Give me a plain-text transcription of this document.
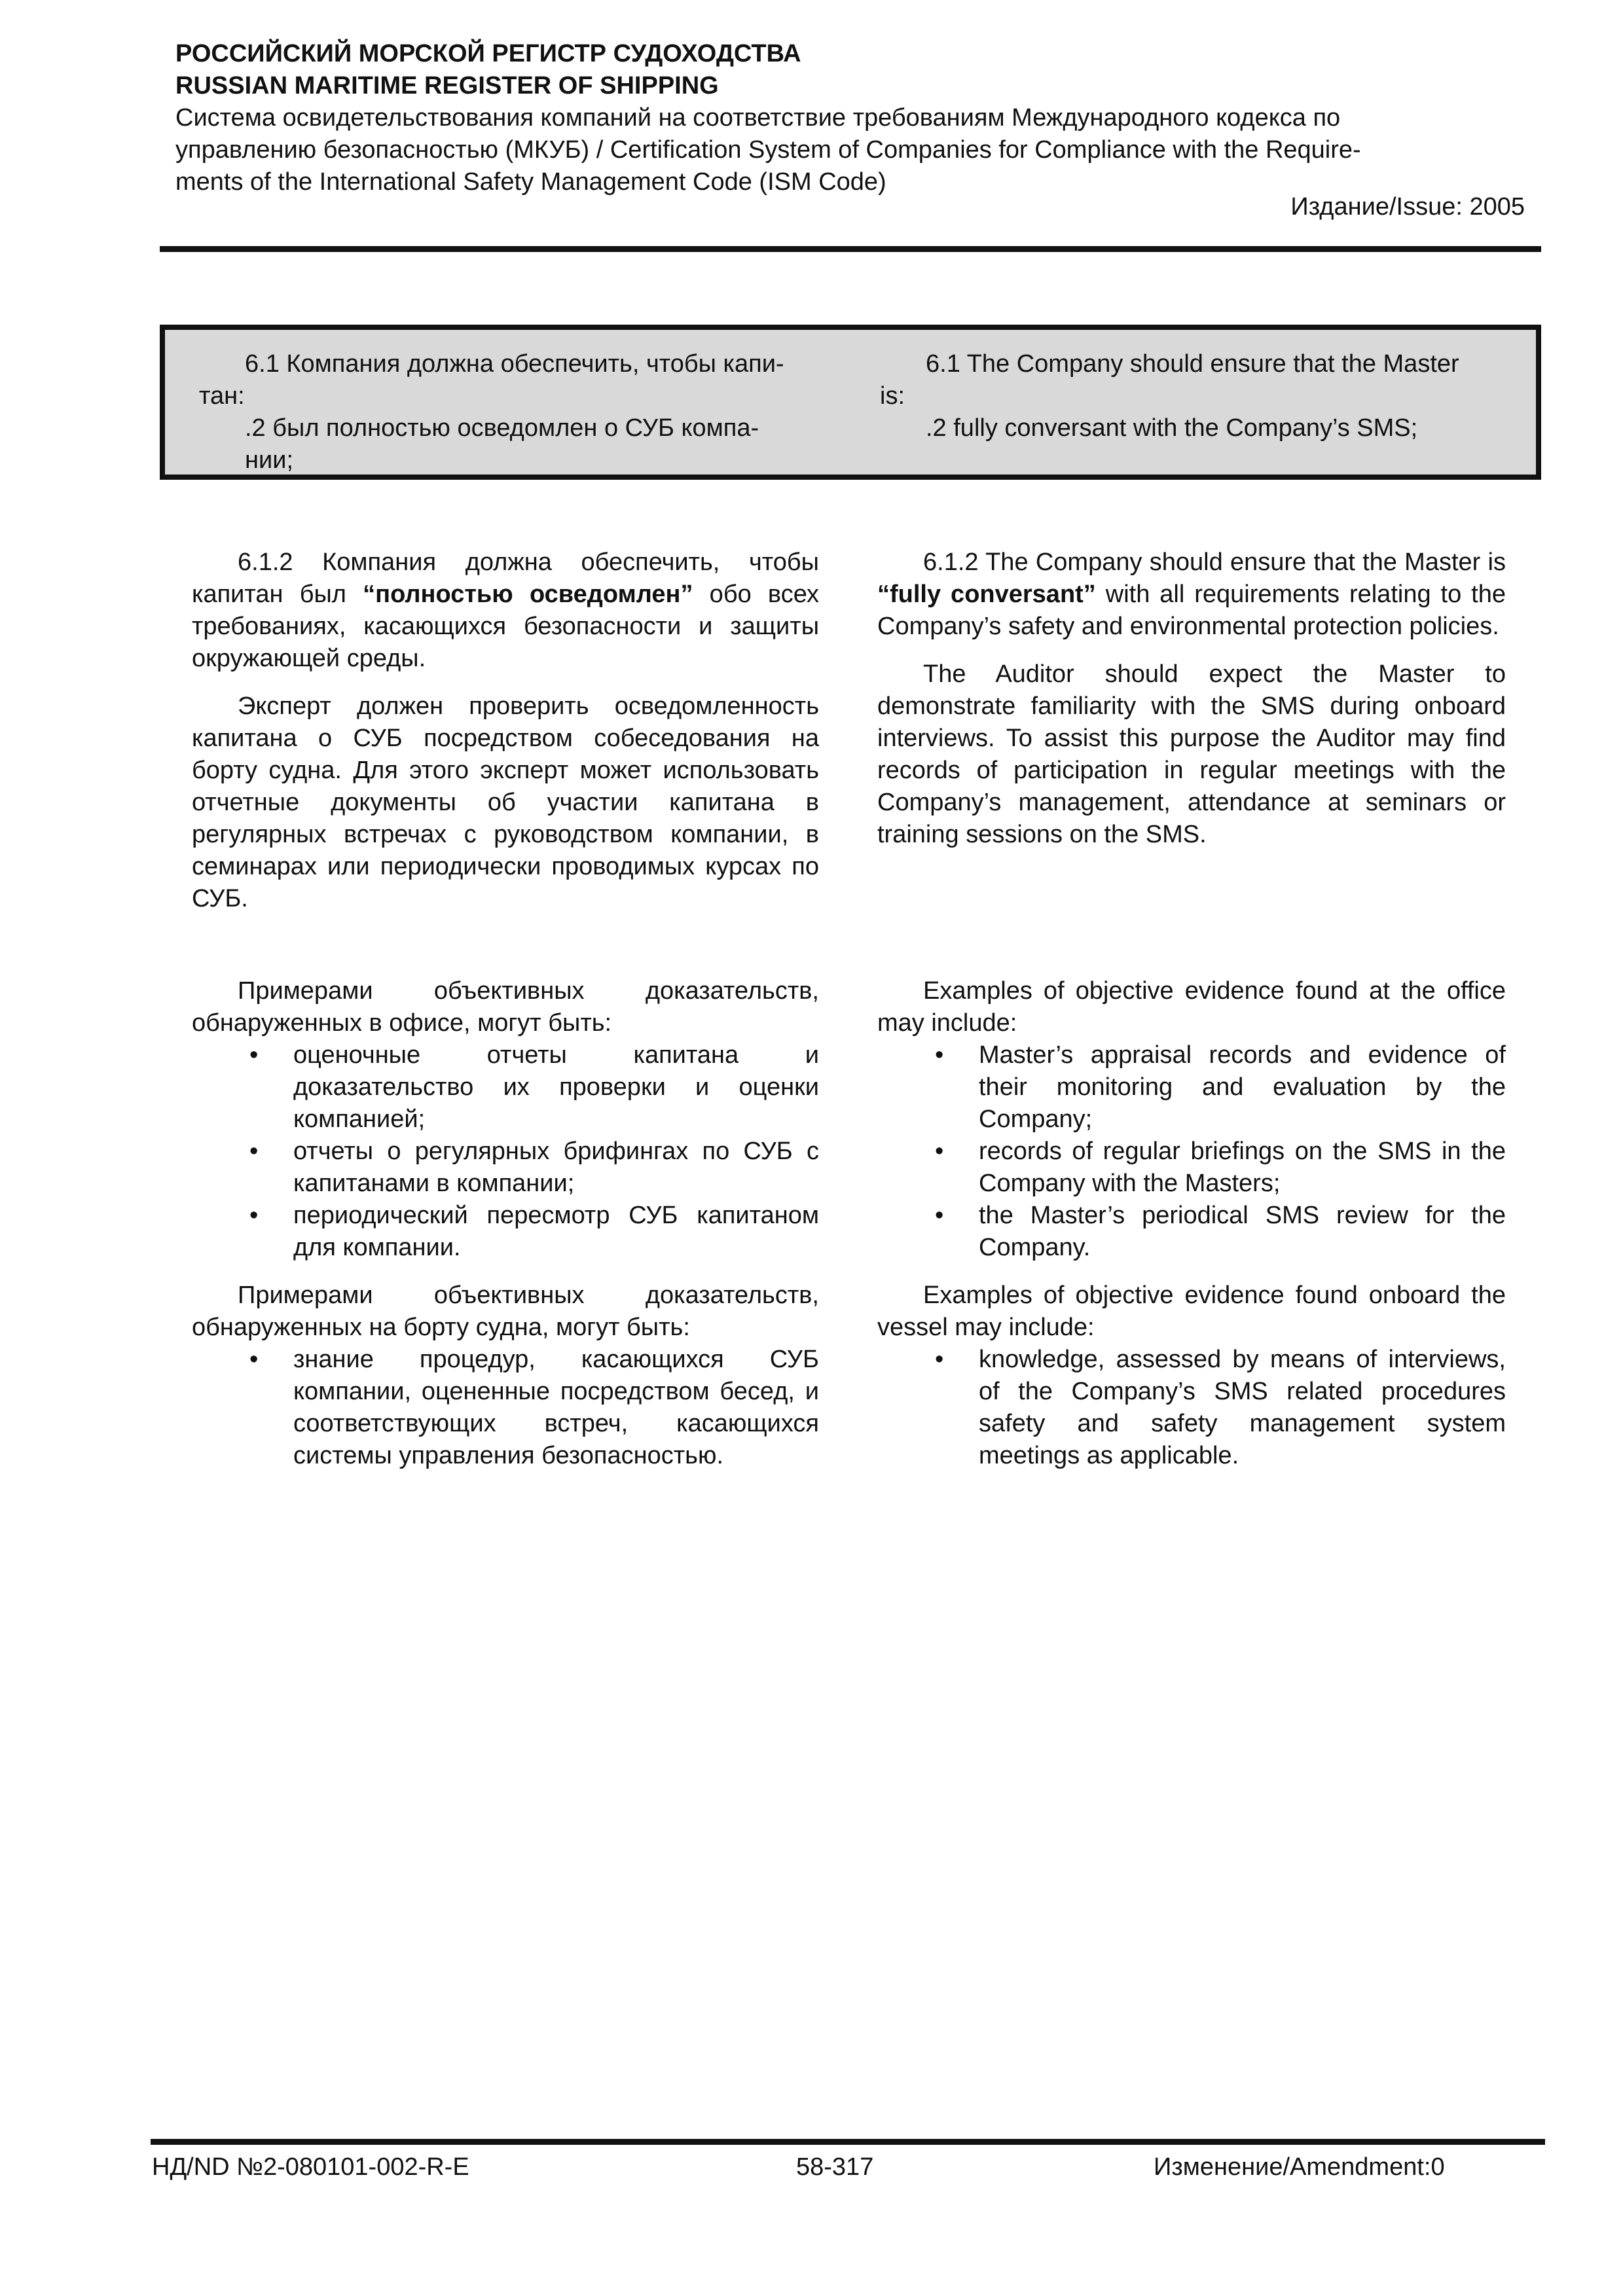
РОССИЙСКИЙ МОРСКОЙ РЕГИСТР СУДОХОДСТВА
RUSSIAN MARITIME REGISTER OF SHIPPING
Система освидетельствования компаний на соответствие требованиям Международного кодекса по
управлению безопасностью (МКУБ) / Certification System of Companies for Compliance with the Require-
ments of the International Safety Management Code (ISM Code)
Издание/Issue: 2005
6.1 Компания должна обеспечить, чтобы капи-
тан:
.2 был полностью осведомлен о СУБ компа-
нии;
6.1 The Company should ensure that the Master
is:
.2 fully conversant with the Company’s SMS;

6.1.2 Компания должна обеспечить, чтобы капитан был “полностью осведомлен” обо всех требованиях, касающихся безопасности и защиты окружающей среды.

Эксперт должен проверить осведомленность капитана о СУБ посредством собеседования на борту судна. Для этого эксперт может использовать отчетные документы об участии капитана в регулярных встречах с руководством компании, в семинарах или периодически проводимых курсах по СУБ.

Примерами объективных доказательств, обнаруженных в офисе, могут быть:

• оценочные отчеты капитана и доказательство их проверки и оценки компанией;
• отчеты о регулярных брифингах по СУБ с капитанами в компании;
• периодический пересмотр СУБ капитаном для компании.

Примерами объективных доказательств, обнаруженных на борту судна, могут быть:

• знание процедур, касающихся СУБ компании, оцененные посредством бесед, и соответствующих встреч, касающихся системы управления безопасностью.

6.1.2 The Company should ensure that the Master is “fully conversant” with all requirements relating to the Company’s safety and environmental protection policies.

The Auditor should expect the Master to demonstrate familiarity with the SMS during onboard interviews. To assist this purpose the Auditor may find records of participation in regular meetings with the Company’s management, attendance at seminars or training sessions on the SMS.

Examples of objective evidence found at the office may include:

• Master’s appraisal records and evidence of their monitoring and evaluation by the Company;
• records of regular briefings on the SMS in the Company with the Masters;
• the Master’s periodical SMS review for the Company.

Examples of objective evidence found onboard the vessel may include:

• knowledge, assessed by means of interviews, of the Company’s SMS related procedures safety and safety management system meetings as applicable.
НД/ND №2-080101-002-R-E	58-317	Изменение/Amendment:0
